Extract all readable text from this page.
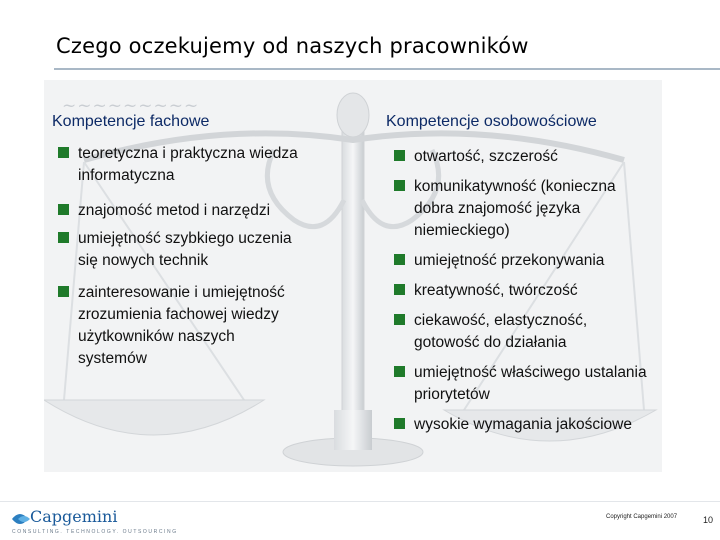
Czego oczekujemy od naszych pracowników
~~~~~~~~~
Kompetencje fachowe	Kompetencje osobowościowe
teoretyczna i praktyczna wiedza informatyczna
znajomość metod i narzędzi
umiejętność szybkiego uczenia się nowych technik
zainteresowanie i umiejętność zrozumienia fachowej wiedzy użytkowników naszych systemów
otwartość, szczerość
komunikatywność (konieczna dobra znajomość języka niemieckiego)
umiejętność przekonywania
kreatywność, twórczość
ciekawość, elastyczność, gotowość do działania
umiejętność właściwego ustalania priorytetów
wysokie wymagania jakościowe
Capgemini
CONSULTING. TECHNOLOGY. OUTSOURCING
Copyright Capgemini 2007	10
